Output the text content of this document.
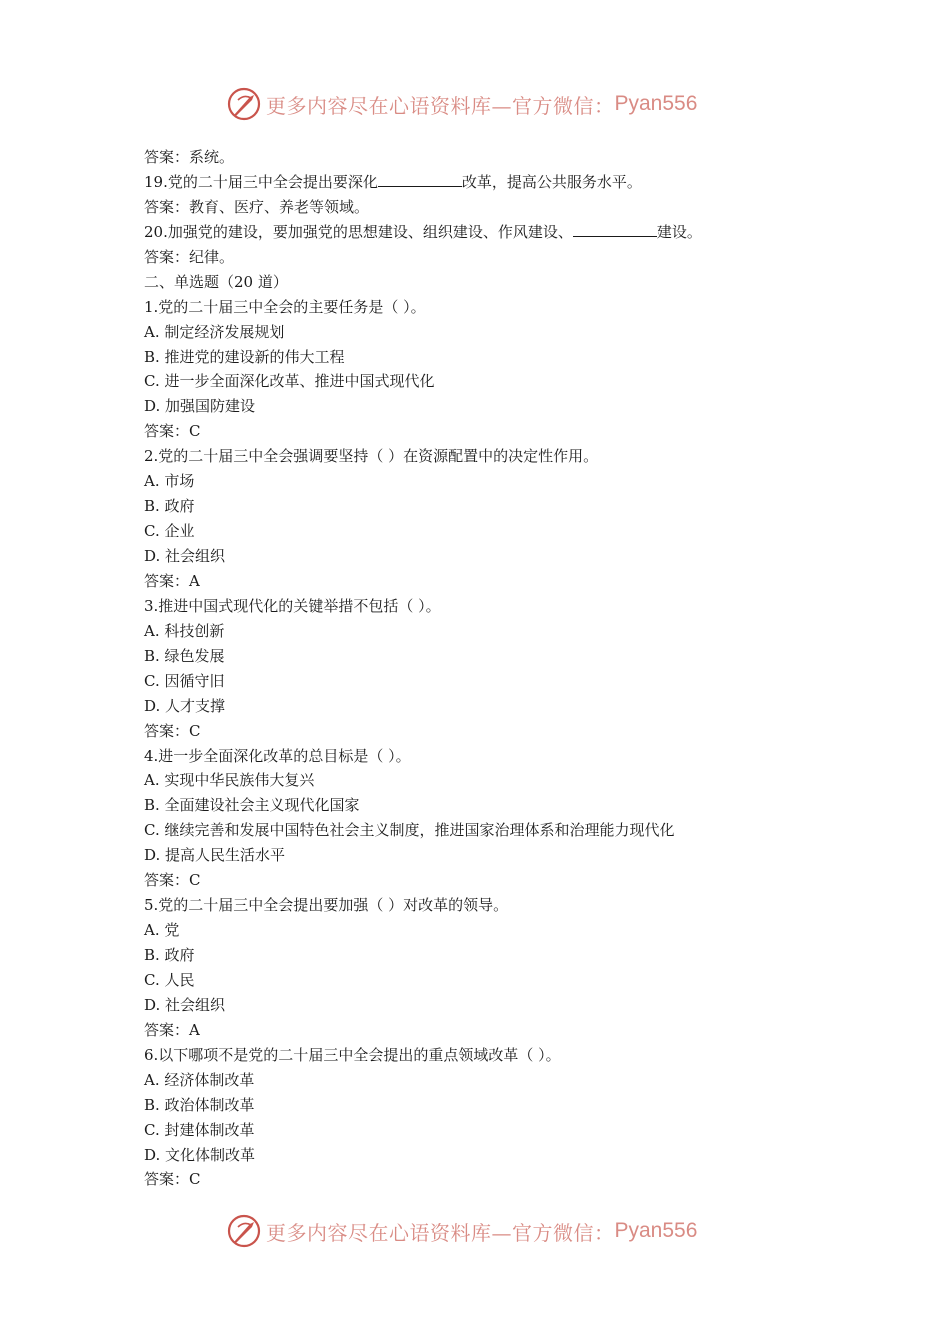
更多内容尽在心语资料库—官方微信： Pyan556
答案：系统。
19.党的二十届三中全会提出要深化	改革，提高公共服务水平。
答案：教育、医疗、养老等领域。
20.加强党的建设，要加强党的思想建设、组织建设、作风建设、	建设。
答案：纪律。
二、单选题（20 道）
1.党的二十届三中全会的主要任务是（ ）。
A. 制定经济发展规划
B. 推进党的建设新的伟大工程
C. 进一步全面深化改革、推进中国式现代化
D. 加强国防建设
答案：C
2.党的二十届三中全会强调要坚持（ ）在资源配置中的决定性作用。
A. 市场
B. 政府
C. 企业
D. 社会组织
答案：A
3.推进中国式现代化的关键举措不包括（ ）。
A. 科技创新
B. 绿色发展
C. 因循守旧
D. 人才支撑
答案：C
4.进一步全面深化改革的总目标是（ ）。
A. 实现中华民族伟大复兴
B. 全面建设社会主义现代化国家
C. 继续完善和发展中国特色社会主义制度，推进国家治理体系和治理能力现代化
D. 提高人民生活水平
答案：C
5.党的二十届三中全会提出要加强（ ）对改革的领导。
A. 党
B. 政府
C. 人民
D. 社会组织
答案：A
6.以下哪项不是党的二十届三中全会提出的重点领域改革（ ）。
A. 经济体制改革
B. 政治体制改革
C. 封建体制改革
D. 文化体制改革
答案：C
更多内容尽在心语资料库—官方微信： Pyan556
